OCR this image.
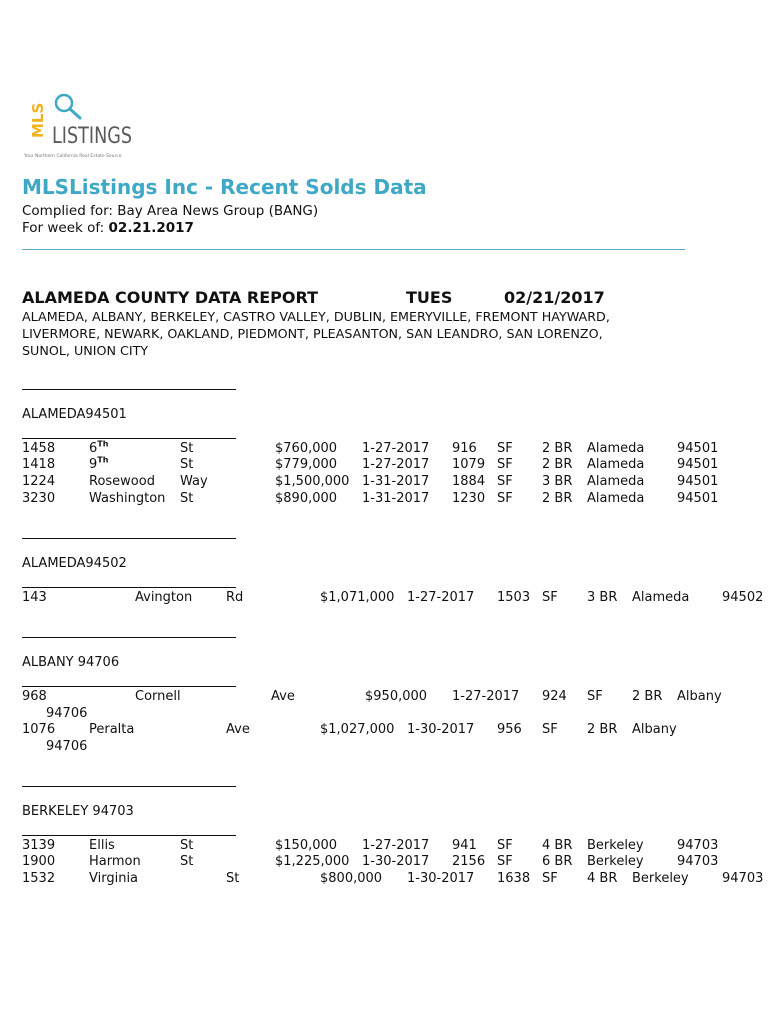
MLS LISTINGS
Your Northern California Real Estate Source
MLSListings Inc - Recent Solds Data
Complied for: Bay Area News Group (BANG)
For week of: 02.21.2017
ALAMEDA COUNTY DATA REPORT	TUES	02/21/2017
ALAMEDA, ALBANY, BERKELEY, CASTRO VALLEY, DUBLIN, EMERYVILLE, FREMONT HAYWARD, LIVERMORE, NEWARK, OAKLAND, PIEDMONT, PLEASANTON, SAN LEANDRO, SAN LORENZO, SUNOL, UNION CITY
ALAMEDA94501
ALAMEDA94502
ALBANY 94706
BERKELEY 94703
1458	6Th	St	$760,000 1-27-2017 916 SF 2 BR Alameda	94501
1418	9Th	St	$779,000 1-27-2017 1079 SF 2 BR Alameda	94501
1224	Rosewood Way	$1,500,000 1-31-2017 1884 SF 3 BR Alameda	94501
3230	Washington St	$890,000 1-31-2017 1230 SF 2 BR Alameda	94501
143	Avington	Rd	$1,071,000 1-27-2017 1503 SF 3 BR Alameda	94502
968	Cornell	Ave	$950,000 1-27-2017 924 SF 2 BR Albany
94706
1076	Peralta	Ave	$1,027,000 1-30-2017 956 SF 2 BR Albany
94706
3139	Ellis	St	$150,000 1-27-2017 941 SF 4 BR Berkeley	94703
1900	Harmon	St	$1,225,000 1-30-2017 2156 SF 6 BR Berkeley	94703
1532	Virginia	St	$800,000 1-30-2017 1638 SF 4 BR Berkeley	94703
